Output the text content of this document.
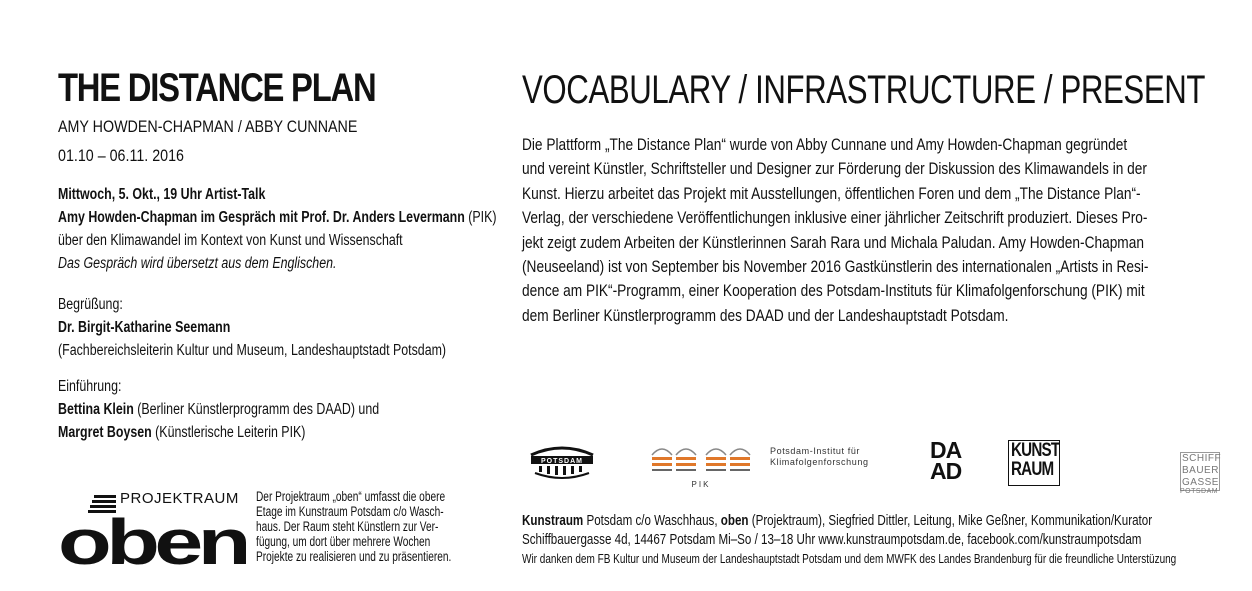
THE DISTANCE PLAN
AMY HOWDEN-CHAPMAN / ABBY CUNNANE
01.10 – 06.11. 2016

Mittwoch, 5. Okt., 19 Uhr Artist-Talk

Amy Howden-Chapman im Gespräch mit Prof. Dr. Anders Levermann (PIK)

über den Klimawandel im Kontext von Kunst und Wissenschaft

Das Gespräch wird übersetzt aus dem Englischen.

Begrüßung:

Dr. Birgit-Katharine Seemann

(Fachbereichsleiterin Kultur und Museum, Landeshauptstadt Potsdam)

Einführung:

Bettina Klein (Berliner Künstlerprogramm des DAAD) und

Margret Boysen (Künstlerische Leiterin PIK)

VOCABULARY / INFRASTRUCTURE / PRESENT
Die Plattform „The Distance Plan“ wurde von Abby Cunnane und Amy Howden-Chapman gegründet
und vereint Künstler, Schriftsteller und Designer zur Förderung der Diskussion des Klimawandels in der
Kunst. Hierzu arbeitet das Projekt mit Ausstellungen, öffentlichen Foren und dem „The Distance Plan“-
Verlag, der verschiedene Veröffentlichungen inklusive einer jährlicher Zeitschrift produziert. Dieses Pro-
jekt zeigt zudem Arbeiten der Künstlerinnen Sarah Rara und Michala Paludan. Amy Howden-Chapman
(Neuseeland) ist von September bis November 2016 Gastkünstlerin des internationalen „Artists in Resi-
dence am PIK“-Programm, einer Kooperation des Potsdam-Instituts für Klimafolgenforschung (PIK) mit
dem Berliner Künstlerprogramm des DAAD und der Landeshauptstadt Potsdam.
PROJEKTRAUM
oben
Der Projektraum „oben“ umfasst die obere
Etage im Kunstraum Potsdam c/o Wasch-
haus. Der Raum steht Künstlern zur Ver-
fügung, um dort über mehrere Wochen
Projekte zu realisieren und zu präsentieren.
POTSDAM
PIK
Potsdam-Institut für
Klimafolgenforschung	DA
AD
KUNST
RAUM
SCHIFF
BAUER
GASSE
POTSDAM
Kunstraum Potsdam c/o Waschhaus, oben (Projektraum), Siegfried Dittler, Leitung, Mike Geßner, Kommunikation/Kurator
Schiffbauergasse 4d, 14467 Potsdam Mi–So / 13–18 Uhr www.kunstraumpotsdam.de, facebook.com/kunstraumpotsdam
Wir danken dem FB Kultur und Museum der Landeshauptstadt Potsdam und dem MWFK des Landes Brandenburg für die freundliche Unterstüzung
